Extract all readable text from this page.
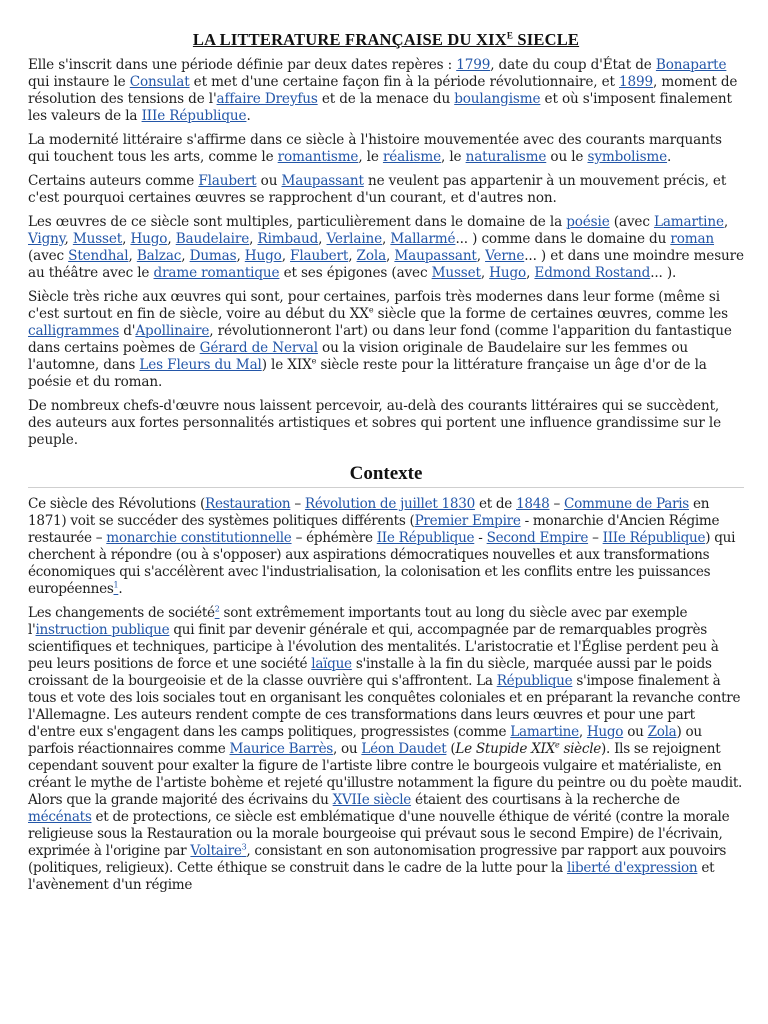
LA LITTERATURE FRANÇAISE DU $XIX^E$ SIECLE

Elle s'inscrit dans une période définie par deux dates repères : 1799, date du coup d'État de Bonaparte qui instaure le Consulat et met d'une certaine façon fin à la période révolutionnaire, et 1899, moment de résolution des tensions de l'affaire Dreyfus et de la menace du boulangisme et où s'imposent finalement les valeurs de la IIIe République.

La modernité littéraire s'affirme dans ce siècle à l'histoire mouvementée avec des courants marquants qui touchent tous les arts, comme le romantisme, le réalisme, le naturalisme ou le symbolisme.

Certains auteurs comme Flaubert ou Maupassant ne veulent pas appartenir à un mouvement précis, et c'est pourquoi certaines œuvres se rapprochent d'un courant, et d'autres non.

Les œuvres de ce siècle sont multiples, particulièrement dans le domaine de la poésie (avec Lamartine, Vigny, Musset, Hugo, Baudelaire, Rimbaud, Verlaine, Mallarmé... ) comme dans le domaine du roman (avec Stendhal, Balzac, Dumas, Hugo, Flaubert, Zola, Maupassant, Verne... ) et dans une moindre mesure au théâtre avec le drame romantique et ses épigones (avec Musset, Hugo, Edmond Rostand... ).

Siècle très riche aux œuvres qui sont, pour certaines, parfois très modernes dans leur forme (même si c'est surtout en fin de siècle, voire au début du XXe siècle que la forme de certaines œuvres, comme les calligrammes d'Apollinaire, révolutionneront l'art) ou dans leur fond (comme l'apparition du fantastique dans certains poèmes de Gérard de Nerval ou la vision originale de Baudelaire sur les femmes ou l'automne, dans Les Fleurs du Mal) le XIXe siècle reste pour la littérature française un âge d'or de la poésie et du roman.

De nombreux chefs-d'œuvre nous laissent percevoir, au-delà des courants littéraires qui se succèdent, des auteurs aux fortes personnalités artistiques et sobres qui portent une influence grandissime sur le peuple.

Contexte

Ce siècle des Révolutions (Restauration – Révolution de juillet 1830 et de 1848 – Commune de Paris en 1871) voit se succéder des systèmes politiques différents (Premier Empire - monarchie d'Ancien Régime restaurée – monarchie constitutionnelle – éphémère IIe République - Second Empire – IIIe République) qui cherchent à répondre (ou à s'opposer) aux aspirations démocratiques nouvelles et aux transformations économiques qui s'accélèrent avec l'industrialisation, la colonisation et les conflits entre les puissances européennes$^1$.

Les changements de société$^2$ sont extrêmement importants tout au long du siècle avec par exemple l'instruction publique qui finit par devenir générale et qui, accompagnée par de remarquables progrès scientifiques et techniques, participe à l'évolution des mentalités. L'aristocratie et l'Église perdent peu à peu leurs positions de force et une société laïque s'installe à la fin du siècle, marquée aussi par le poids croissant de la bourgeoisie et de la classe ouvrière qui s'affrontent. La République s'impose finalement à tous et vote des lois sociales tout en organisant les conquêtes coloniales et en préparant la revanche contre l'Allemagne. Les auteurs rendent compte de ces transformations dans leurs œuvres et pour une part d'entre eux s'engagent dans les camps politiques, progressistes (comme Lamartine, Hugo ou Zola) ou parfois réactionnaires comme Maurice Barrès, ou Léon Daudet (Le Stupide XIXe siècle). Ils se rejoignent cependant souvent pour exalter la figure de l'artiste libre contre le bourgeois vulgaire et matérialiste, en créant le mythe de l'artiste bohème et rejeté qu'illustre notamment la figure du peintre ou du poète maudit. Alors que la grande majorité des écrivains du XVIIe siècle étaient des courtisans à la recherche de mécénats et de protections, ce siècle est emblématique d'une nouvelle éthique de vérité (contre la morale religieuse sous la Restauration ou la morale bourgeoise qui prévaut sous le second Empire) de l'écrivain, exprimée à l'origine par Voltaire$^3$, consistant en son autonomisation progressive par rapport aux pouvoirs (politiques, religieux). Cette éthique se construit dans le cadre de la lutte pour la liberté d'expression et l'avènement d'un régime
